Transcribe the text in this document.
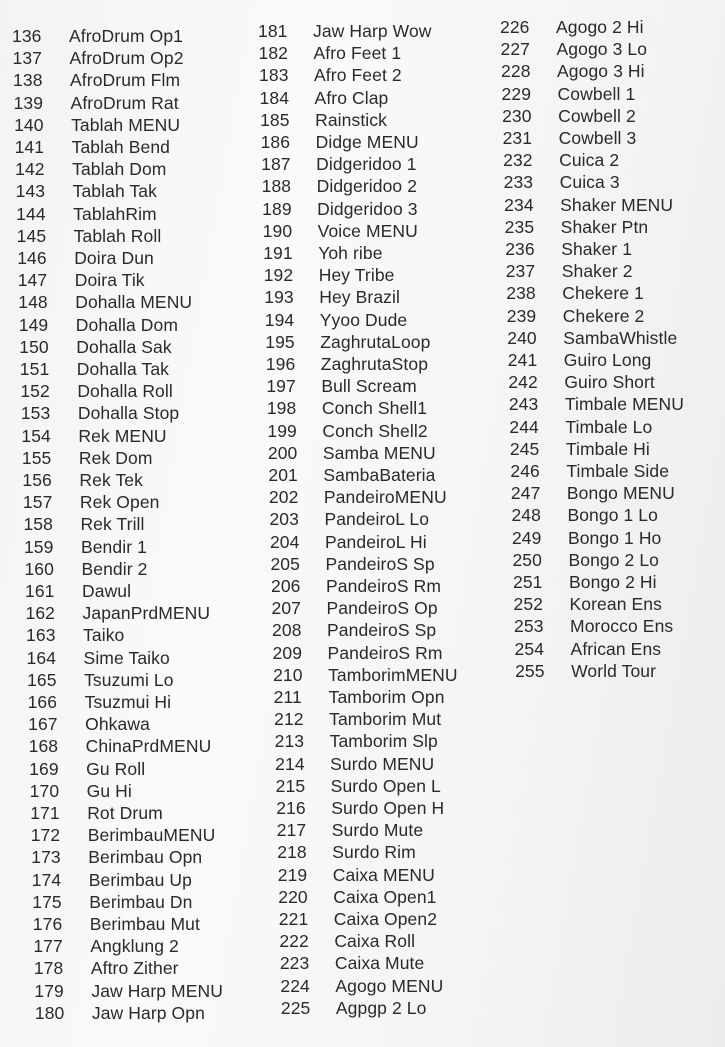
136 AfroDrum Op1
137 AfroDrum Op2
138 AfroDrum Flm
139 AfroDrum Rat
140 Tablah MENU
141 Tablah Bend
142 Tablah Dom
143 Tablah Tak
144 TablahRim
145 Tablah Roll
146 Doira Dun
147 Doira Tik
148 Dohalla MENU
149 Dohalla Dom
150 Dohalla Sak
151 Dohalla Tak
152 Dohalla Roll
153 Dohalla Stop
154 Rek MENU
155 Rek Dom
156 Rek Tek
157 Rek Open
158 Rek Trill
159 Bendir 1
160 Bendir 2
161 Dawul
162 JapanPrdMENU
163 Taiko
164 Sime Taiko
165 Tsuzumi Lo
166 Tsuzmui Hi
167 Ohkawa
168 ChinaPrdMENU
169 Gu Roll
170 Gu Hi
171 Rot Drum
172 BerimbauMENU
173 Berimbau Opn
174 Berimbau Up
175 Berimbau Dn
176 Berimbau Mut
177 Angklung 2
178 Aftro Zither
179 Jaw Harp MENU
180 Jaw Harp Opn
181 Jaw Harp Wow
182 Afro Feet 1
183 Afro Feet 2
184 Afro Clap
185 Rainstick
186 Didge MENU
187 Didgeridoo 1
188 Didgeridoo 2
189 Didgeridoo 3
190 Voice MENU
191 Yoh ribe
192 Hey Tribe
193 Hey Brazil
194 Yyoo Dude
195 ZaghrutaLoop
196 ZaghrutaStop
197 Bull Scream
198 Conch Shell1
199 Conch Shell2
200 Samba MENU
201 SambaBateria
202 PandeiroMENU
203 PandeiroL Lo
204 PandeiroL Hi
205 PandeiroS Sp
206 PandeiroS Rm
207 PandeiroS Op
208 PandeiroS Sp
209 PandeiroS Rm
210 TamborimMENU
211 Tamborim Opn
212 Tamborim Mut
213 Tamborim Slp
214 Surdo MENU
215 Surdo Open L
216 Surdo Open H
217 Surdo Mute
218 Surdo Rim
219 Caixa MENU
220 Caixa Open1
221 Caixa Open2
222 Caixa Roll
223 Caixa Mute
224 Agogo MENU
225 Agpgp 2 Lo
226 Agogo 2 Hi
227 Agogo 3 Lo
228 Agogo 3 Hi
229 Cowbell 1
230 Cowbell 2
231 Cowbell 3
232 Cuica 2
233 Cuica 3
234 Shaker MENU
235 Shaker Ptn
236 Shaker 1
237 Shaker 2
238 Chekere 1
239 Chekere 2
240 SambaWhistle
241 Guiro Long
242 Guiro Short
243 Timbale MENU
244 Timbale Lo
245 Timbale Hi
246 Timbale Side
247 Bongo MENU
248 Bongo 1 Lo
249 Bongo 1 Ho
250 Bongo 2 Lo
251 Bongo 2 Hi
252 Korean Ens
253 Morocco Ens
254 African Ens
255 World Tour
